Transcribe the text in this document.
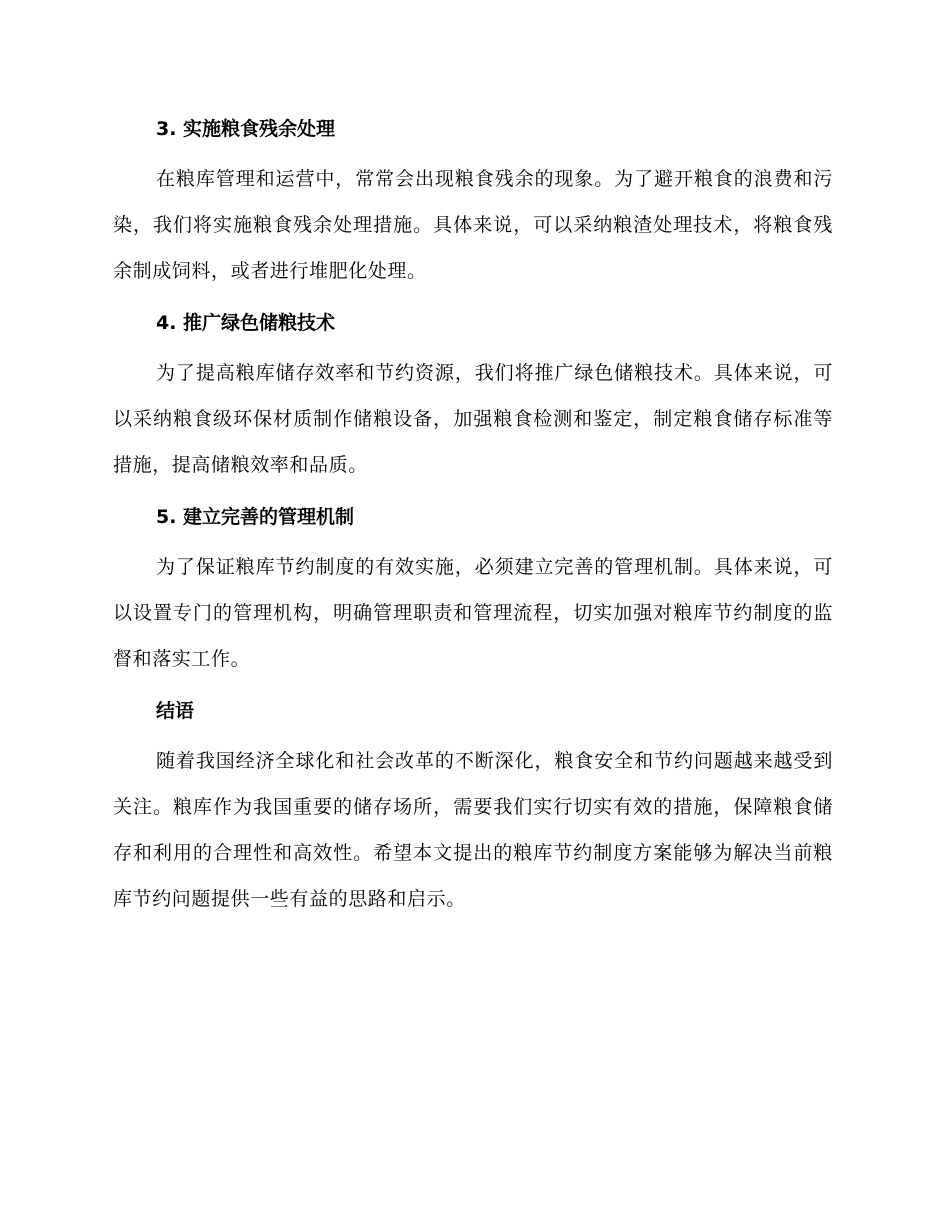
3. 实施粮食残余处理

在粮库管理和运营中，常常会出现粮食残余的现象。为了避开粮食的浪费和污染，我们将实施粮食残余处理措施。具体来说，可以采纳粮渣处理技术，将粮食残余制成饲料，或者进行堆肥化处理。

4. 推广绿色储粮技术

为了提高粮库储存效率和节约资源，我们将推广绿色储粮技术。具体来说，可以采纳粮食级环保材质制作储粮设备，加强粮食检测和鉴定，制定粮食储存标准等措施，提高储粮效率和品质。

5. 建立完善的管理机制

为了保证粮库节约制度的有效实施，必须建立完善的管理机制。具体来说，可以设置专门的管理机构，明确管理职责和管理流程，切实加强对粮库节约制度的监督和落实工作。

结语

随着我国经济全球化和社会改革的不断深化，粮食安全和节约问题越来越受到关注。粮库作为我国重要的储存场所，需要我们实行切实有效的措施，保障粮食储存和利用的合理性和高效性。希望本文提出的粮库节约制度方案能够为解决当前粮库节约问题提供一些有益的思路和启示。
